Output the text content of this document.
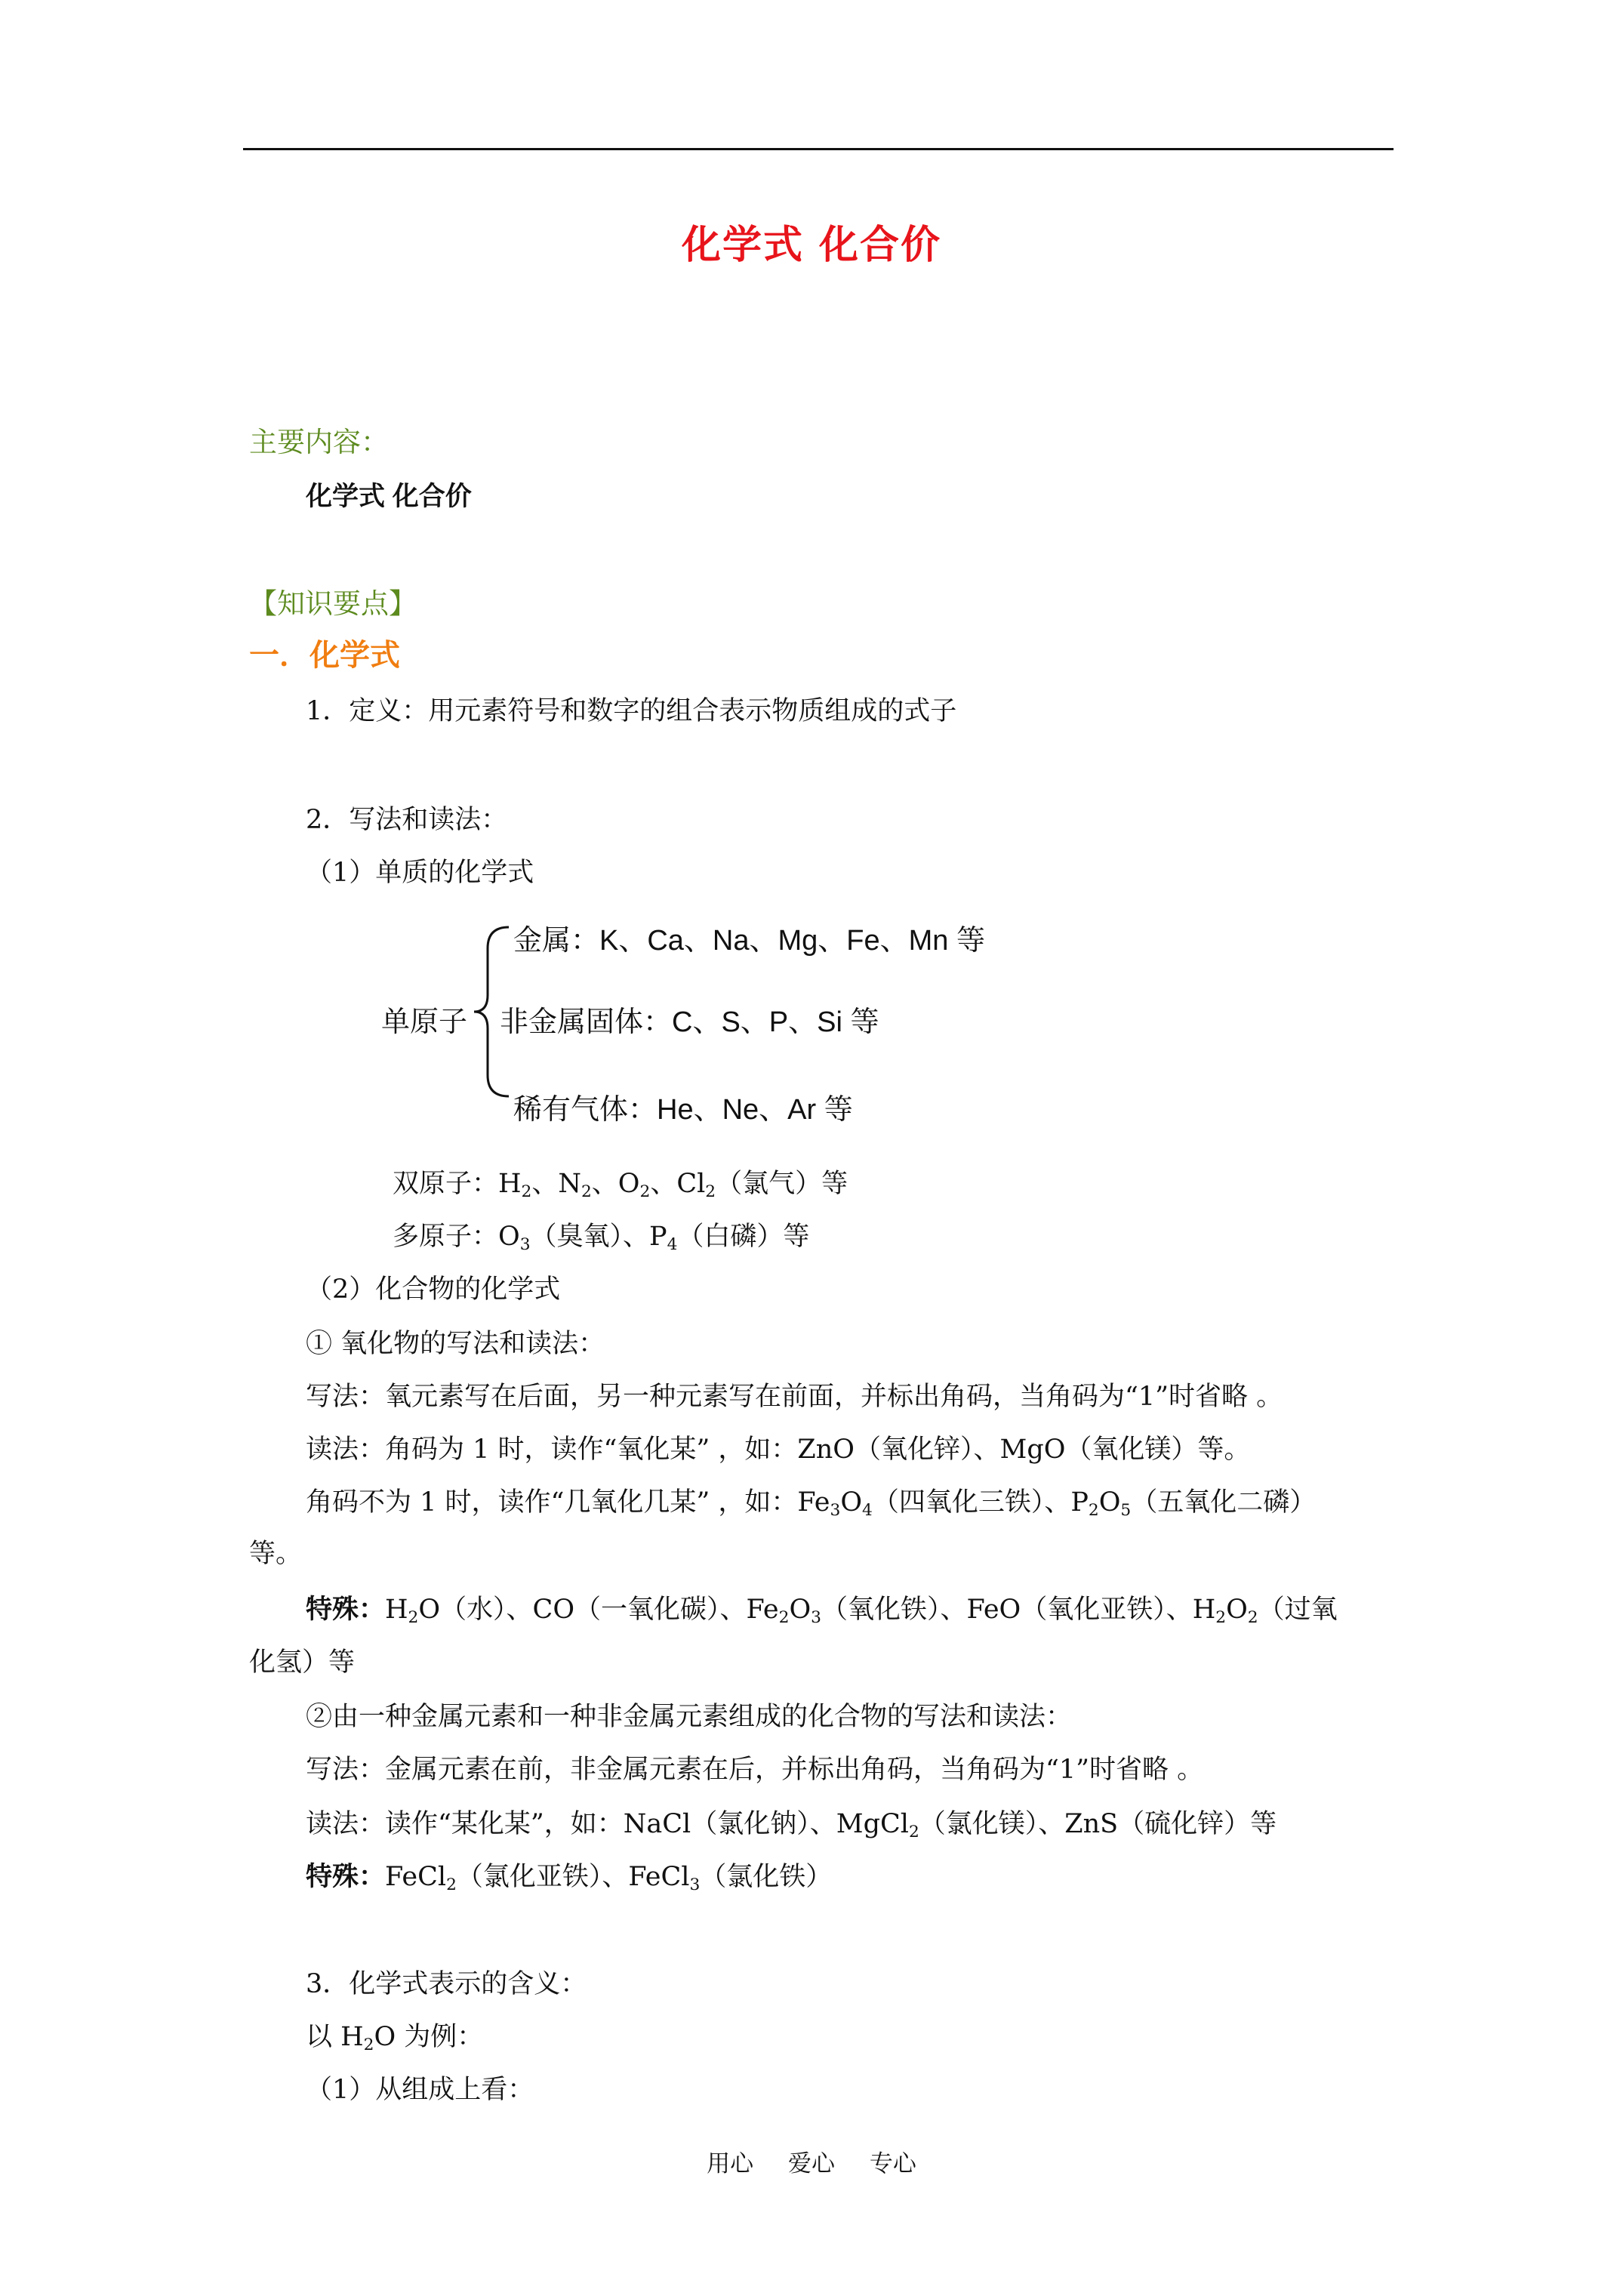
化学式 化合价
主要内容：
化学式 化合价
【知识要点】
一．化学式
1．定义：用元素符号和数字的组合表示物质组成的式子
2．写法和读法：
（1）单质的化学式
单原子
金属：K、Ca、Na、Mg、Fe、Mn 等
非金属固体：C、S、P、Si 等
稀有气体：He、Ne、Ar 等
双原子：$H_2$、$N_2$、$O_2$、$Cl_2$（氯气）等
多原子：$O_3$（臭氧）、$P_4$（白磷）等
（2）化合物的化学式
① 氧化物的写法和读法：
写法：氧元素写在后面，另一种元素写在前面，并标出角码，当角码为“1”时省略 。
读法：角码为 1 时，读作“氧化某” ，如：ZnO（氧化锌）、MgO（氧化镁）等。
角码不为 1 时，读作“几氧化几某” ，如：$Fe_3O_4$（四氧化三铁）、$P_2O_5$（五氧化二磷）
等。
特殊：$H_2O$（水）、CO（一氧化碳）、$Fe_2O_3$（氧化铁）、FeO（氧化亚铁）、$H_2O_2$（过氧
化氢）等
②由一种金属元素和一种非金属元素组成的化合物的写法和读法：
写法：金属元素在前，非金属元素在后，并标出角码，当角码为“1”时省略 。
读法：读作“某化某”，如：NaCl（氯化钠）、MgCl$_2$（氯化镁）、ZnS（硫化锌）等
特殊：FeCl$_2$（氯化亚铁）、FeCl$_3$（氯化铁）
3．化学式表示的含义：
以 $H_2O$ 为例：
（1）从组成上看：
用心 爱心 专心
